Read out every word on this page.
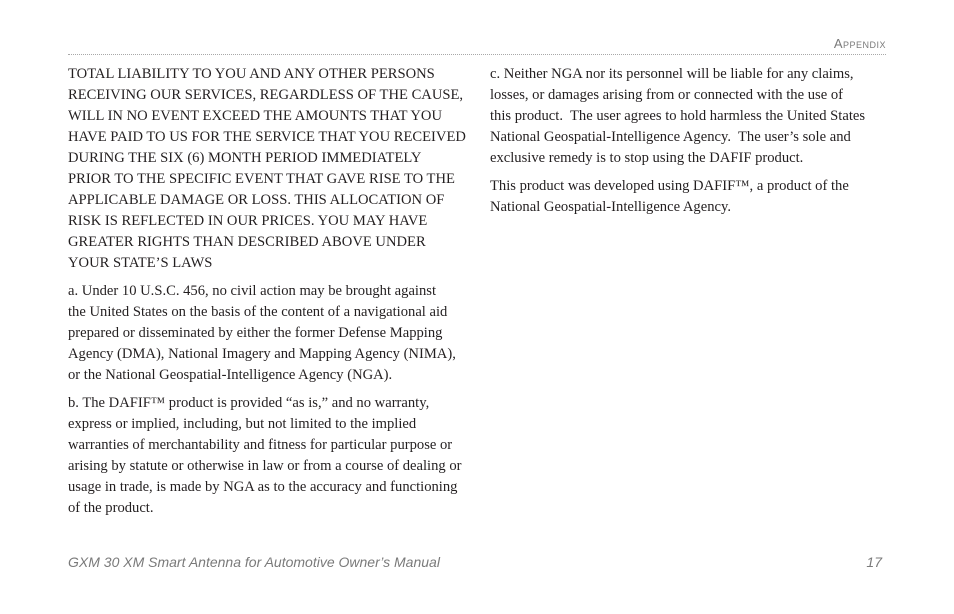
Appendix

TOTAL LIABILITY TO YOU AND ANY OTHER PERSONS
RECEIVING OUR SERVICES, REGARDLESS OF THE CAUSE,
WILL IN NO EVENT EXCEED THE AMOUNTS THAT YOU
HAVE PAID TO US FOR THE SERVICE THAT YOU RECEIVED
DURING THE SIX (6) MONTH PERIOD IMMEDIATELY
PRIOR TO THE SPECIFIC EVENT THAT GAVE RISE TO THE
APPLICABLE DAMAGE OR LOSS. THIS ALLOCATION OF
RISK IS REFLECTED IN OUR PRICES. YOU MAY HAVE
GREATER RIGHTS THAN DESCRIBED ABOVE UNDER
YOUR STATE’S LAWS

a. Under 10 U.S.C. 456, no civil action may be brought against
the United States on the basis of the content of a navigational aid
prepared or disseminated by either the former Defense Mapping
Agency (DMA), National Imagery and Mapping Agency (NIMA),
or the National Geospatial-Intelligence Agency (NGA).

b. The DAFIF™ product is provided “as is,” and no warranty,
express or implied, including, but not limited to the implied
warranties of merchantability and fitness for particular purpose or
arising by statute or otherwise in law or from a course of dealing or
usage in trade, is made by NGA as to the accuracy and functioning
of the product.

c. Neither NGA nor its personnel will be liable for any claims,
losses, or damages arising from or connected with the use of
this product.  The user agrees to hold harmless the United States
National Geospatial-Intelligence Agency.  The user’s sole and
exclusive remedy is to stop using the DAFIF product.

This product was developed using DAFIF™, a product of the
National Geospatial-Intelligence Agency.

GXM 30 XM Smart Antenna for Automotive Owner’s Manual	17
